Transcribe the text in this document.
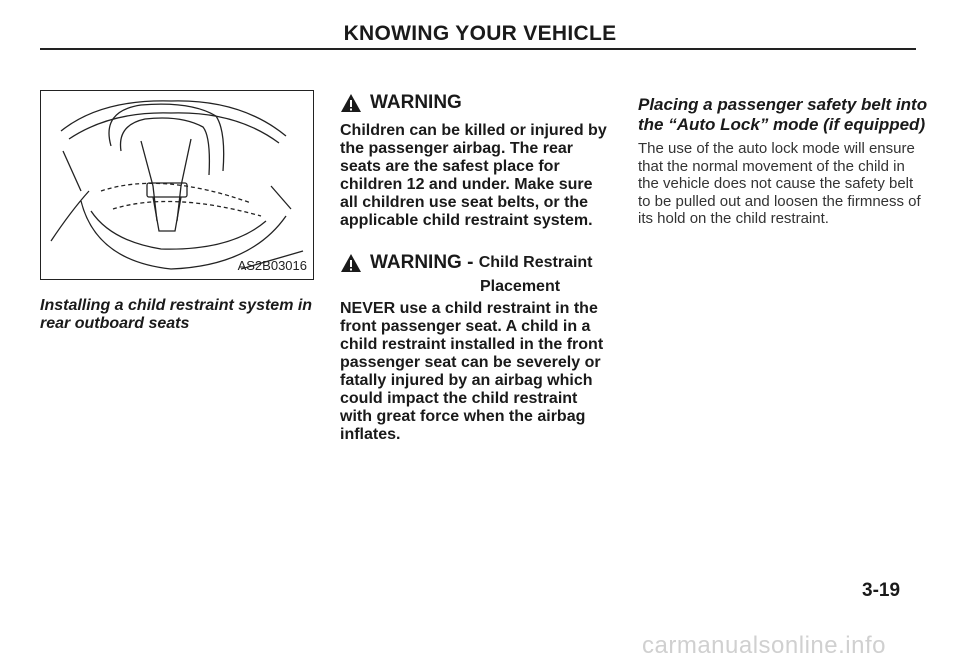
KNOWING YOUR VEHICLE
AS2B03016
Installing a child restraint system in rear outboard seats
WARNING
Children can be killed or injured by the passenger airbag. The rear seats are the safest place for children 12 and under. Make sure all children use seat belts, or the applicable child restraint system.
WARNING - Child Restraint
Placement
NEVER use a child restraint in the front passenger seat. A child in a child restraint installed in the front passenger seat can be severely or fatally injured by an airbag which could impact the child restraint with great force when the airbag inflates.
Placing a passenger safety belt into the “Auto Lock” mode (if equipped)
The use of the auto lock mode will ensure that the normal movement of the child in the vehicle does not cause the safety belt to be pulled out and loosen the firmness of its hold on the child restraint.
3-19
carmanualsonline.info
